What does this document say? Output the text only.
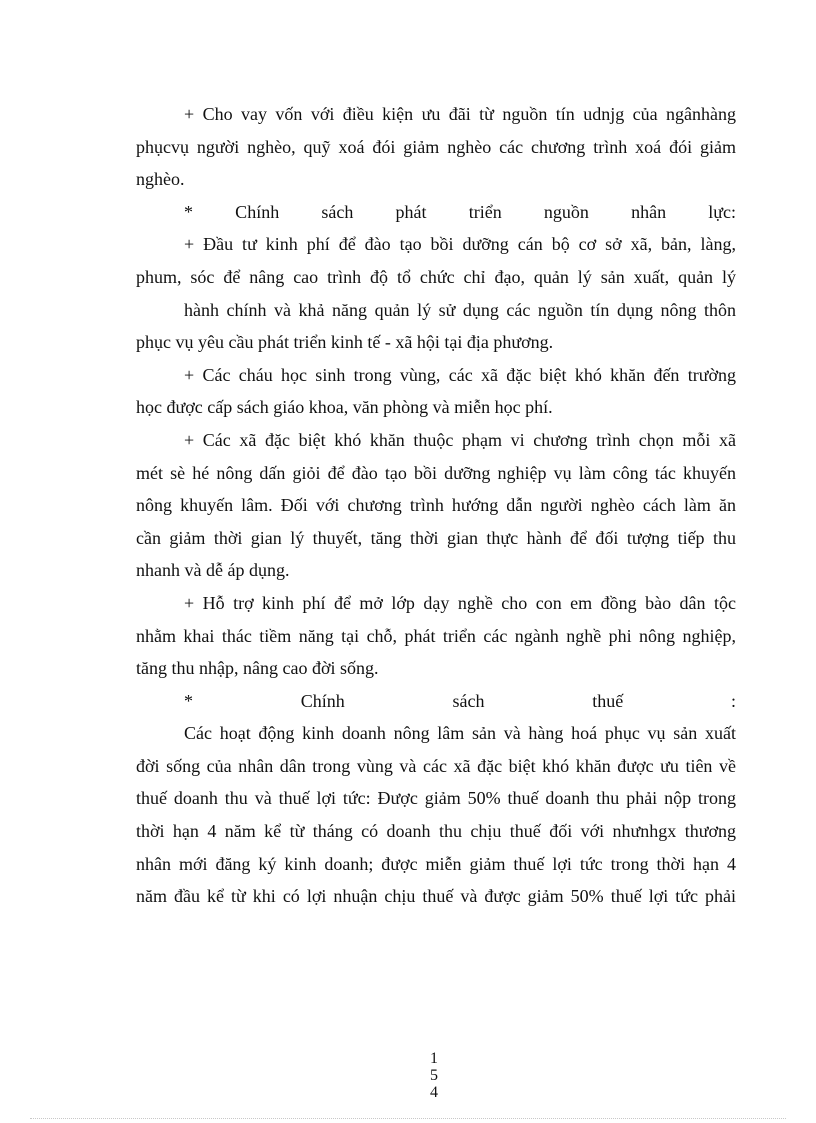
+ Cho vay vốn với điều kiện ưu đãi từ nguồn tín udnjg của ngânhàng
phụcvụ người nghèo, quỹ xoá đói giảm nghèo các chương trình xoá đói giảm
nghèo.
* Chính sách phát triển nguồn nhân lực:
+ Đầu tư kinh phí để đào tạo bồi dưỡng cán bộ cơ sở xã, bản, làng,
phum, sóc để nâng cao trình độ tổ chức chỉ đạo, quản lý sản xuất, quản lý
hành chính và khả năng quản lý sử dụng các nguồn tín dụng nông thôn
phục vụ yêu cầu phát triển kinh tế - xã hội tại địa phương.
+ Các cháu học sinh trong vùng, các xã đặc biệt khó khăn đến trường
học được cấp sách giáo khoa, văn phòng và miễn học phí.
+ Các xã đặc biệt khó khăn thuộc phạm vi chương trình chọn mỗi xã
mét sè hé nông dấn giỏi để đào tạo bồi dưỡng nghiệp vụ làm công tác khuyến
nông khuyến lâm. Đối với chương trình hướng dẫn người nghèo cách làm ăn
cần giảm thời gian lý thuyết, tăng thời gian thực hành để đối tượng tiếp thu
nhanh và dễ áp dụng.
+ Hỗ trợ kinh phí để mở lớp dạy nghề cho con em đồng bào dân tộc
nhằm khai thác tiềm năng tại chỗ, phát triển các ngành nghề phi nông nghiệp,
tăng thu nhập, nâng cao đời sống.
* Chính sách thuế :
Các hoạt động kinh doanh nông lâm sản và hàng hoá phục vụ sản xuất
đời sống của nhân dân trong vùng và các xã đặc biệt khó khăn được ưu tiên về
thuế doanh thu và thuế lợi tức: Được giảm 50% thuế doanh thu phải nộp trong
thời hạn 4 năm kể từ tháng có doanh thu chịu thuế đối với nhưnhgx thương
nhân mới đăng ký kinh doanh; được miễn giảm thuế lợi tức trong thời hạn 4
năm đầu kể từ khi có lợi nhuận chịu thuế và được giảm 50% thuế lợi tức phải
1
5
4
